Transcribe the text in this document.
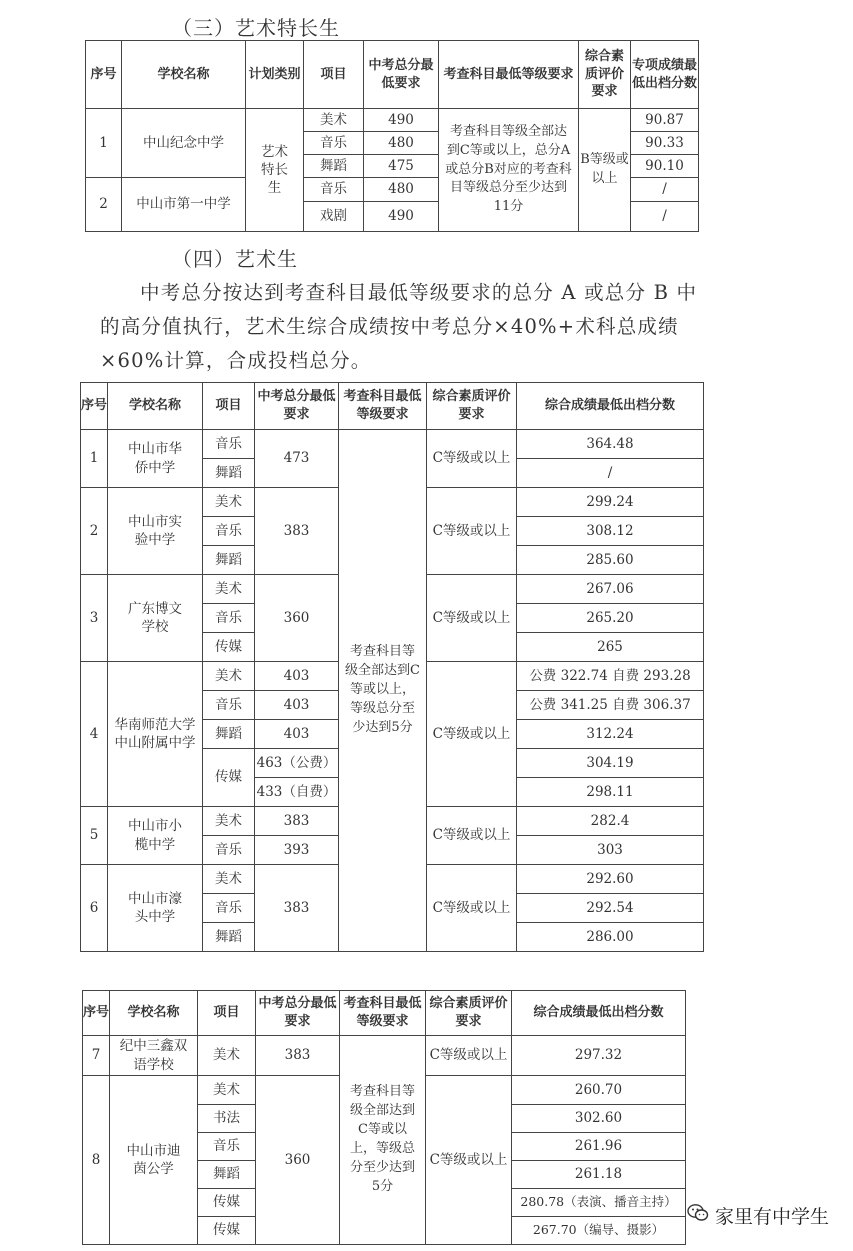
（三）艺术特长生
序号	学校名称	计划类别	项目	中考总分最低要求	考查科目最低等级要求	综合素质评价要求	专项成绩最低出档分数
1	中山纪念中学	艺术特长生	美术	490	考查科目等级全部达到C等或以上，总分A或总分B对应的考查科目等级总分至少达到11分	B等级或以上	90.87
			音乐	480			90.33
			舞蹈	475			90.10
2	中山市第一中学		音乐	480			/
			戏剧	490			/
（四）艺术生
中考总分按达到考查科目最低等级要求的总分 A 或总分 B 中的高分值执行，艺术生综合成绩按中考总分×40%+术科总成绩×60%计算，合成投档总分。
序号	学校名称	项目	中考总分最低要求	考查科目最低等级要求	综合素质评价要求	综合成绩最低出档分数
1	中山市华侨中学	音乐	473	考查科目等级全部达到C等或以上，等级总分至少达到5分	C等级或以上	364.48
		舞蹈				/
2	中山市实验中学	美术	383		C等级或以上	299.24
		音乐				308.12
		舞蹈				285.60
3	广东博文学校	美术	360		C等级或以上	267.06
		音乐				265.20
		传媒				265
4	华南师范大学中山附属中学	美术	403		C等级或以上	公费 322.74 自费 293.28
		音乐	403			公费 341.25 自费 306.37
		舞蹈	403			312.24
		传媒	463（公费）			304.19
			433（自费）			298.11
5	中山市小榄中学	美术	383		C等级或以上	282.4
		音乐	393			303
6	中山市濠头中学	美术	383		C等级或以上	292.60
		音乐				292.54
		舞蹈				286.00
序号	学校名称	项目	中考总分最低要求	考查科目最低等级要求	综合素质评价要求	综合成绩最低出档分数
7	纪中三鑫双语学校	美术	383	考查科目等级全部达到C等或以上，等级总分至少达到5分	C等级或以上	297.32
8	中山市迪茵公学	美术	360		C等级或以上	260.70
		书法				302.60
		音乐				261.96
		舞蹈				261.18
		传媒				280.78（表演、播音主持）
		传媒				267.70（编导、摄影）
家里有中学生
